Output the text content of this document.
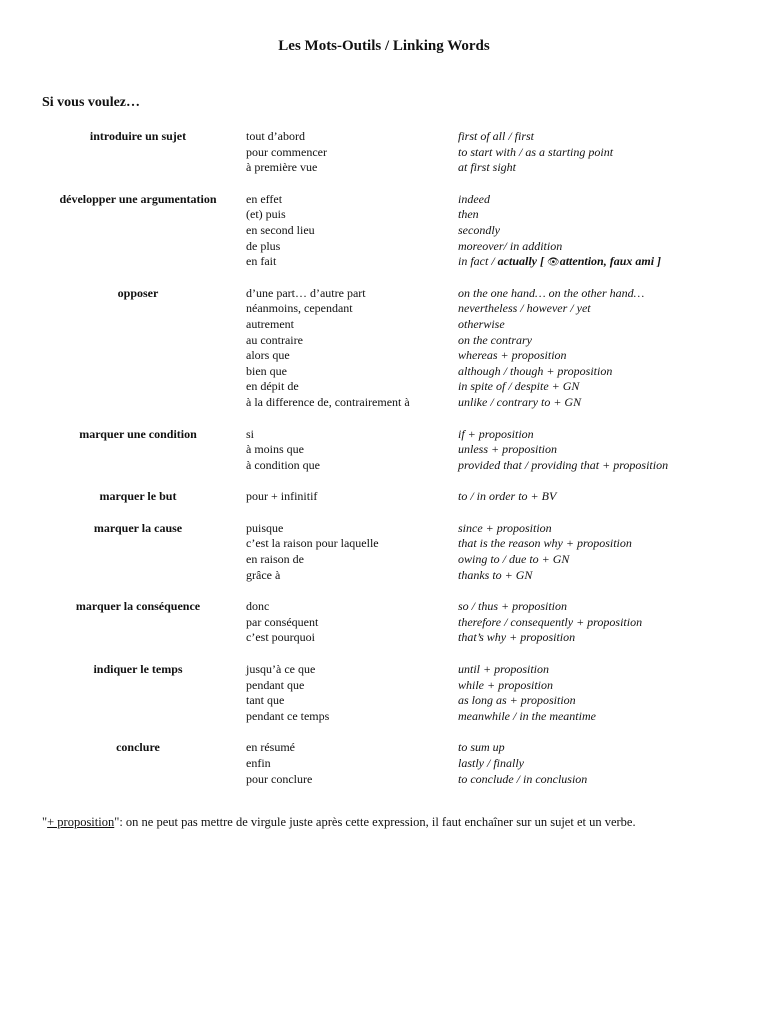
Les Mots-Outils / Linking Words
Si vous voulez…
introduire un sujet	tout d’abord	first of all / first
pour commencer	to start with / as a starting point
à première vue	at first sight
développer une argumentation	en effet	indeed
(et) puis	then
en second lieu	secondly
de plus	moreover/ in addition
en fait	in fact / actually [ 👁attention, faux ami ]
opposer	d’une part… d’autre part	on the one hand… on the other hand…
néanmoins, cependant	nevertheless / however / yet
autrement	otherwise
au contraire	on the contrary
alors que	whereas + proposition
bien que	although / though + proposition
en dépit de	in spite of / despite + GN
à la difference de, contrairement à	unlike / contrary to + GN
marquer une condition	si	if + proposition
à moins que	unless + proposition
à condition que	provided that / providing that + proposition
marquer le but	pour + infinitif	to / in order to + BV
marquer la cause	puisque	since + proposition
c’est la raison pour laquelle	that is the reason why + proposition
en raison de	owing to / due to + GN
grâce à	thanks to + GN
marquer la conséquence	donc	so / thus + proposition
par conséquent	therefore / consequently + proposition
c’est pourquoi	that’s why + proposition
indiquer le temps	jusqu’à ce que	until + proposition
pendant que	while + proposition
tant que	as long as + proposition
pendant ce temps	meanwhile / in the meantime
conclure	en résumé	to sum up
enfin	lastly / finally
pour conclure	to conclude / in conclusion
"+ proposition": on ne peut pas mettre de virgule juste après cette expression, il faut enchaîner sur un sujet et un verbe.
